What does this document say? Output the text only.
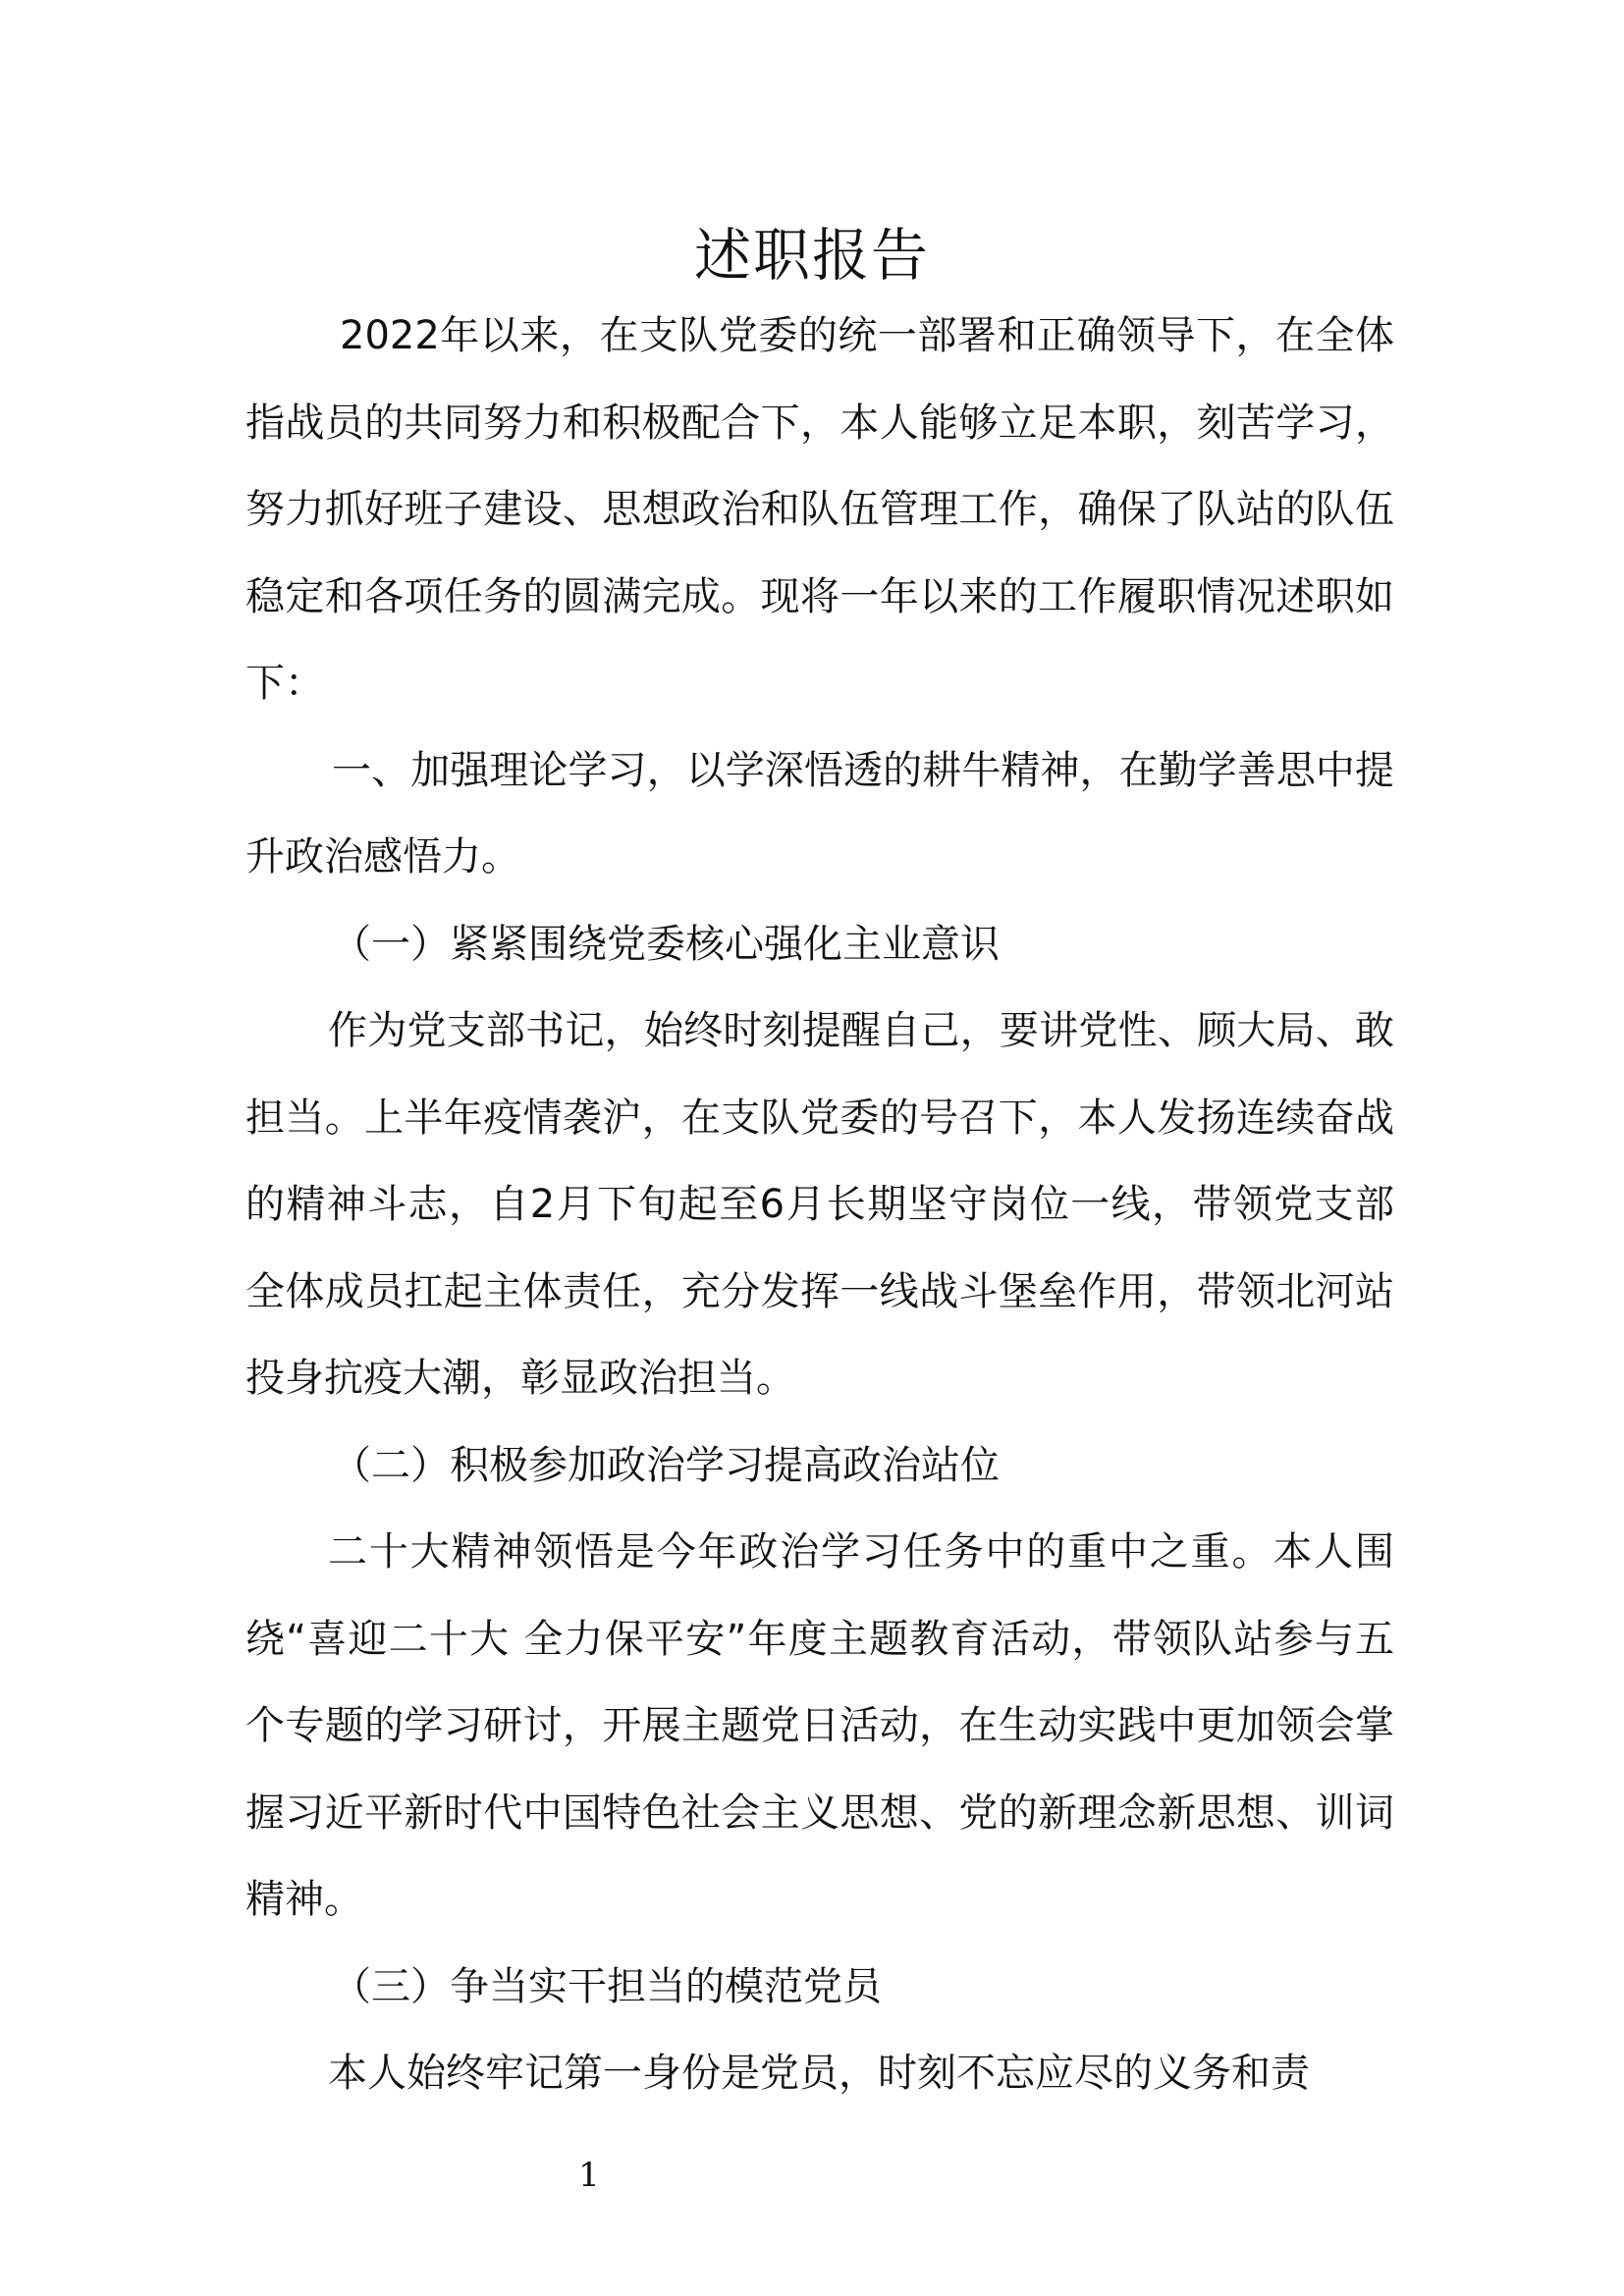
述职报告

2022年以来，在支队党委的统一部署和正确领导下，在全体指战员的共同努力和积极配合下，本人能够立足本职，刻苦学习，努力抓好班子建设、思想政治和队伍管理工作，确保了队站的队伍稳定和各项任务的圆满完成。现将一年以来的工作履职情况述职如下：

一、加强理论学习，以学深悟透的耕牛精神，在勤学善思中提升政治感悟力。

（一）紧紧围绕党委核心强化主业意识

作为党支部书记，始终时刻提醒自己，要讲党性、顾大局、敢担当。上半年疫情袭沪，在支队党委的号召下，本人发扬连续奋战的精神斗志，自2月下旬起至6月长期坚守岗位一线，带领党支部全体成员扛起主体责任，充分发挥一线战斗堡垒作用，带领北河站投身抗疫大潮，彰显政治担当。

（二）积极参加政治学习提高政治站位

二十大精神领悟是今年政治学习任务中的重中之重。本人围绕“喜迎二十大 全力保平安”年度主题教育活动，带领队站参与五个专题的学习研讨，开展主题党日活动，在生动实践中更加领会掌握习近平新时代中国特色社会主义思想、党的新理念新思想、训词精神。

（三）争当实干担当的模范党员

本人始终牢记第一身份是党员，时刻不忘应尽的义务和责

1
